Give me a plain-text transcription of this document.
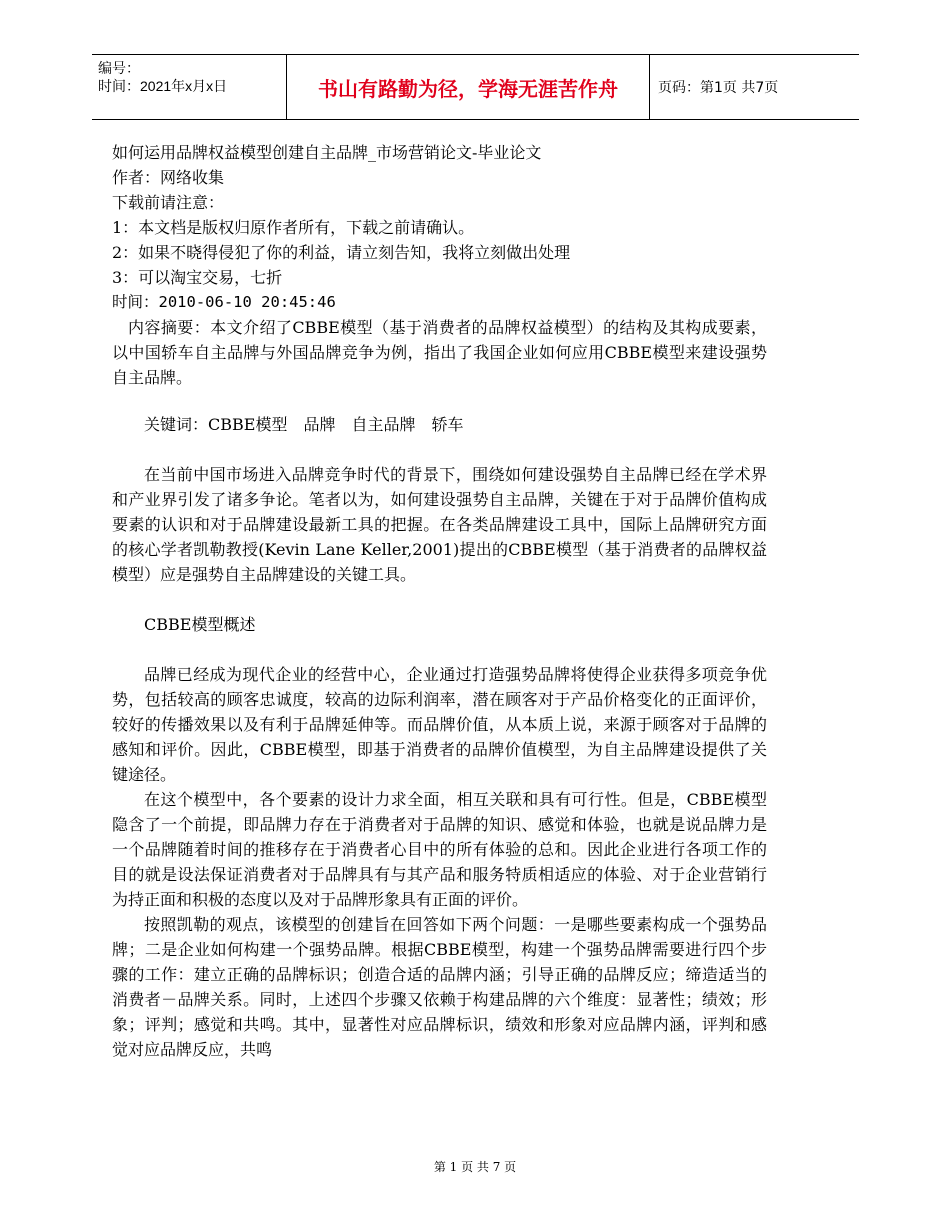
编号：
时间：2021年x月x日	书山有路勤为径，学海无涯苦作舟	页码：第1页 共7页

如何运用品牌权益模型创建自主品牌_市场营销论文-毕业论文

作者：网络收集

下载前请注意：

1：本文档是版权归原作者所有，下载之前请确认。

2：如果不晓得侵犯了你的利益，请立刻告知，我将立刻做出处理

3：可以淘宝交易，七折

时间：2010-06-10 20:45:46

内容摘要：本文介绍了CBBE模型（基于消费者的品牌权益模型）的结构及其构成要素，以中国轿车自主品牌与外国品牌竞争为例，指出了我国企业如何应用CBBE模型来建设强势自主品牌。

关键词：CBBE模型　品牌　自主品牌　轿车

在当前中国市场进入品牌竞争时代的背景下，围绕如何建设强势自主品牌已经在学术界和产业界引发了诸多争论。笔者以为，如何建设强势自主品牌，关键在于对于品牌价值构成要素的认识和对于品牌建设最新工具的把握。在各类品牌建设工具中，国际上品牌研究方面的核心学者凯勒教授(Kevin Lane Keller,2001)提出的CBBE模型（基于消费者的品牌权益模型）应是强势自主品牌建设的关键工具。

CBBE模型概述

品牌已经成为现代企业的经营中心，企业通过打造强势品牌将使得企业获得多项竞争优势，包括较高的顾客忠诚度，较高的边际利润率，潜在顾客对于产品价格变化的正面评价，较好的传播效果以及有利于品牌延伸等。而品牌价值，从本质上说，来源于顾客对于品牌的感知和评价。因此，CBBE模型，即基于消费者的品牌价值模型，为自主品牌建设提供了关键途径。

在这个模型中，各个要素的设计力求全面，相互关联和具有可行性。但是，CBBE模型隐含了一个前提，即品牌力存在于消费者对于品牌的知识、感觉和体验，也就是说品牌力是一个品牌随着时间的推移存在于消费者心目中的所有体验的总和。因此企业进行各项工作的目的就是设法保证消费者对于品牌具有与其产品和服务特质相适应的体验、对于企业营销行为持正面和积极的态度以及对于品牌形象具有正面的评价。

按照凯勒的观点，该模型的创建旨在回答如下两个问题：一是哪些要素构成一个强势品牌；二是企业如何构建一个强势品牌。根据CBBE模型，构建一个强势品牌需要进行四个步骤的工作：建立正确的品牌标识；创造合适的品牌内涵；引导正确的品牌反应；缔造适当的消费者－品牌关系。同时，上述四个步骤又依赖于构建品牌的六个维度：显著性；绩效；形象；评判；感觉和共鸣。其中，显著性对应品牌标识，绩效和形象对应品牌内涵，评判和感觉对应品牌反应，共鸣

第 1 页 共 7 页
